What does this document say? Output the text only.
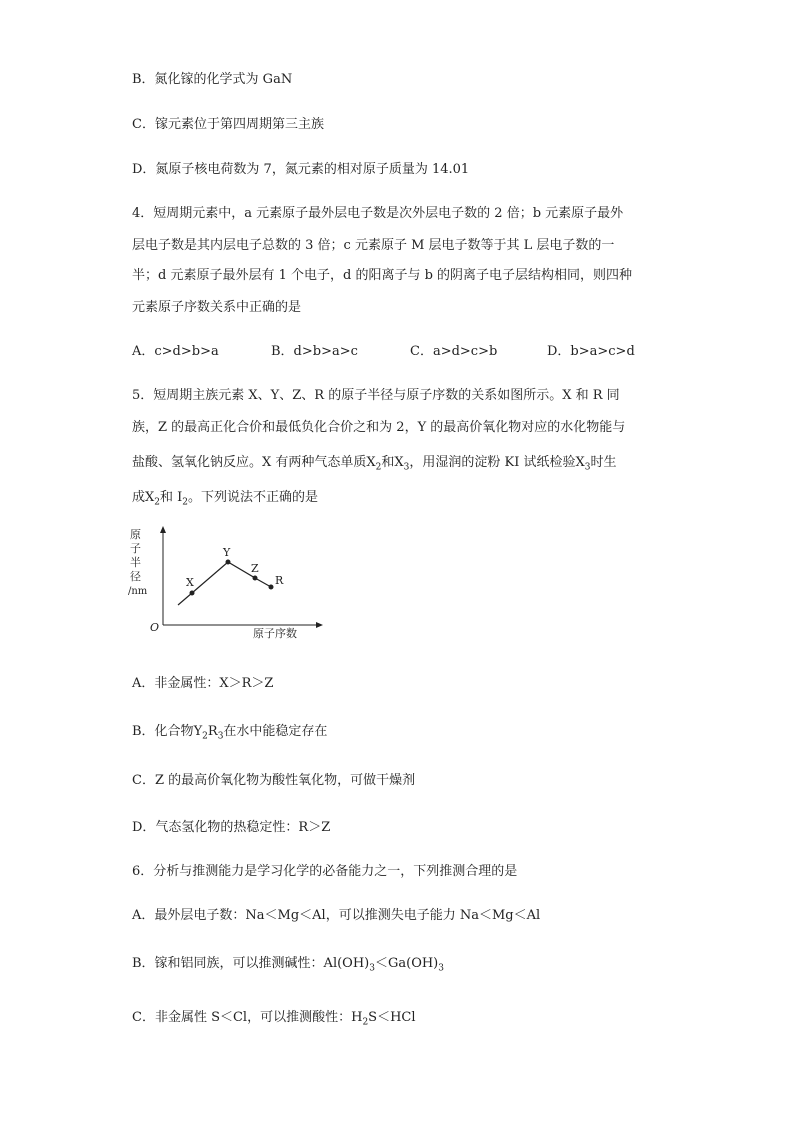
B．氮化镓的化学式为 GaN
C．镓元素位于第四周期第三主族
D．氮原子核电荷数为 7，氮元素的相对原子质量为 14.01
4．短周期元素中，a 元素原子最外层电子数是次外层电子数的 2 倍；b 元素原子最外
层电子数是其内层电子总数的 3 倍；c 元素原子 M 层电子数等于其 L 层电子数的一
半；d 元素原子最外层有 1 个电子，d 的阳离子与 b 的阴离子电子层结构相同，则四种
元素原子序数关系中正确的是
A．c>d>b>a	B．d>b>a>c	C．a>d>c>b	D．b>a>c>d
5．短周期主族元素 X、Y、Z、R 的原子半径与原子序数的关系如图所示。X 和 R 同
族，Z 的最高正化合价和最低负化合价之和为 2，Y 的最高价氧化物对应的水化物能与
盐酸、氢氧化钠反应。X 有两种气态单质$X_2$和$X_3$，用湿润的淀粉 KI 试纸检验$X_3$时生
成$X_2$和 $I_2$。下列说法不正确的是
原
子
半
径
/nm
O	原子序数
X
Y
Z
R
A．非金属性：X＞R＞Z
B．化合物$Y_2R_3$在水中能稳定存在
C．Z 的最高价氧化物为酸性氧化物，可做干燥剂
D．气态氢化物的热稳定性：R＞Z
6．分析与推测能力是学习化学的必备能力之一，下列推测合理的是
A．最外层电子数：Na＜Mg＜Al，可以推测失电子能力 Na＜Mg＜Al
B．镓和铝同族，可以推测碱性：$Al(OH)_3<Ga(OH)_3$
C．非金属性 S＜Cl，可以推测酸性：$H_2S<HCl$
